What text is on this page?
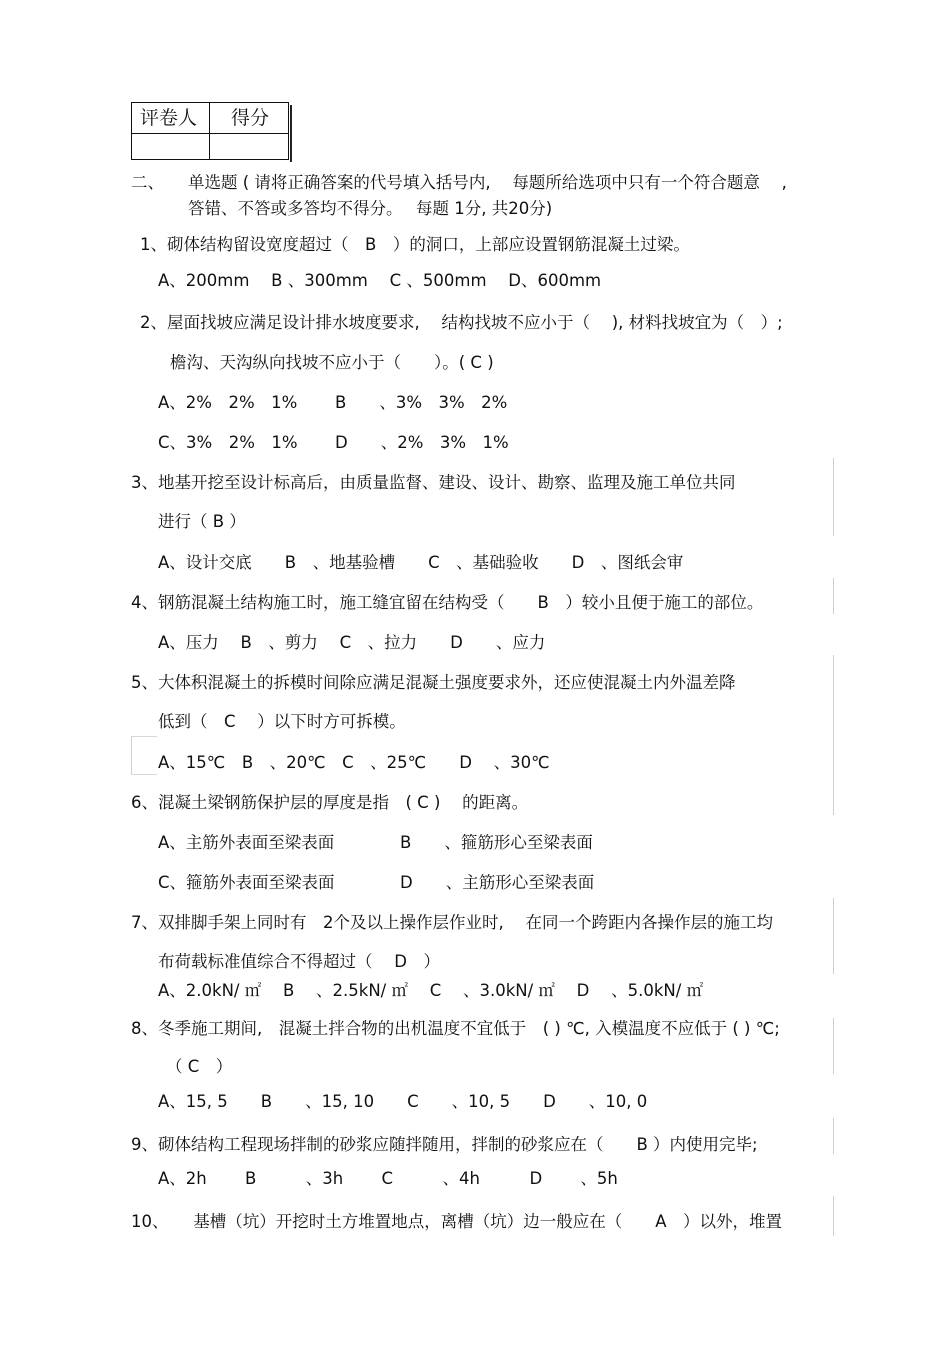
评卷人 得分
二、 单选题 ( 请将正确答案的代号填入括号内,　 每题所给选项中只有一个符合题意　 ,
答错、不答或多答均不得分。　 每题 1分, 共20分)
1、砌体结构留设宽度超过（　B　）的洞口，上部应设置钢筋混凝土过梁。
A、200mm　 B 、300mm　 C 、500mm　 D、600mm
2、屋面找坡应满足设计排水坡度要求,　 结构找坡不应小于（　 ), 材料找坡宜为（　）;
檐沟、天沟纵向找坡不应小于（　　）。( C )
A、2%　2%　1% B　　、3%　3%　2%
C、3%　2%　1% D　　、2%　3%　1%
3、地基开挖至设计标高后，由质量监督、建设、设计、勘察、监理及施工单位共同
进行（ B ）
A、设计交底　　B　、地基验槽　　C　、基础验收　　D　、图纸会审
4、钢筋混凝土结构施工时，施工缝宜留在结构受（　　B　）较小且便于施工的部位。
A、压力　 B　、剪力　 C　、拉力　　D　　、应力
5、大体积混凝土的拆模时间除应满足混凝土强度要求外，还应使混凝土内外温差降
低到（　C　 ）以下时方可拆模。
A、15℃　B　、20℃　C　、25℃　　D　 、30℃
6、混凝土梁钢筋保护层的厚度是指　( C )　 的距离。
A、主筋外表面至梁表面	B　　、箍筋形心至梁表面
C、箍筋外表面至梁表面	D　　、主筋形心至梁表面
7、双排脚手架上同时有　2个及以上操作层作业时,　 在同一个跨距内各操作层的施工均
布荷载标准值综合不得超过（　 D　）
A、2.0kN/ ㎡　 B　 、2.5kN/ ㎡　 C　 、3.0kN/ ㎡　 D　 、5.0kN/ ㎡
8、冬季施工期间,　混凝土拌合物的出机温度不宜低于　( ) ℃, 入模温度不应低于 ( ) ℃;
（ C　）
A、15, 5　　B　　、15, 10　　C　　、10, 5　　D　　、10, 0
9、砌体结构工程现场拌制的砂浆应随拌随用，拌制的砂浆应在（　　B ）内使用完毕;
A、2h　　 B　　　、3h　　 C　　　、4h　　　D　　 、5h
10、　　基槽（坑）开挖时土方堆置地点，离槽（坑）边一般应在（　　A　）以外，堆置
